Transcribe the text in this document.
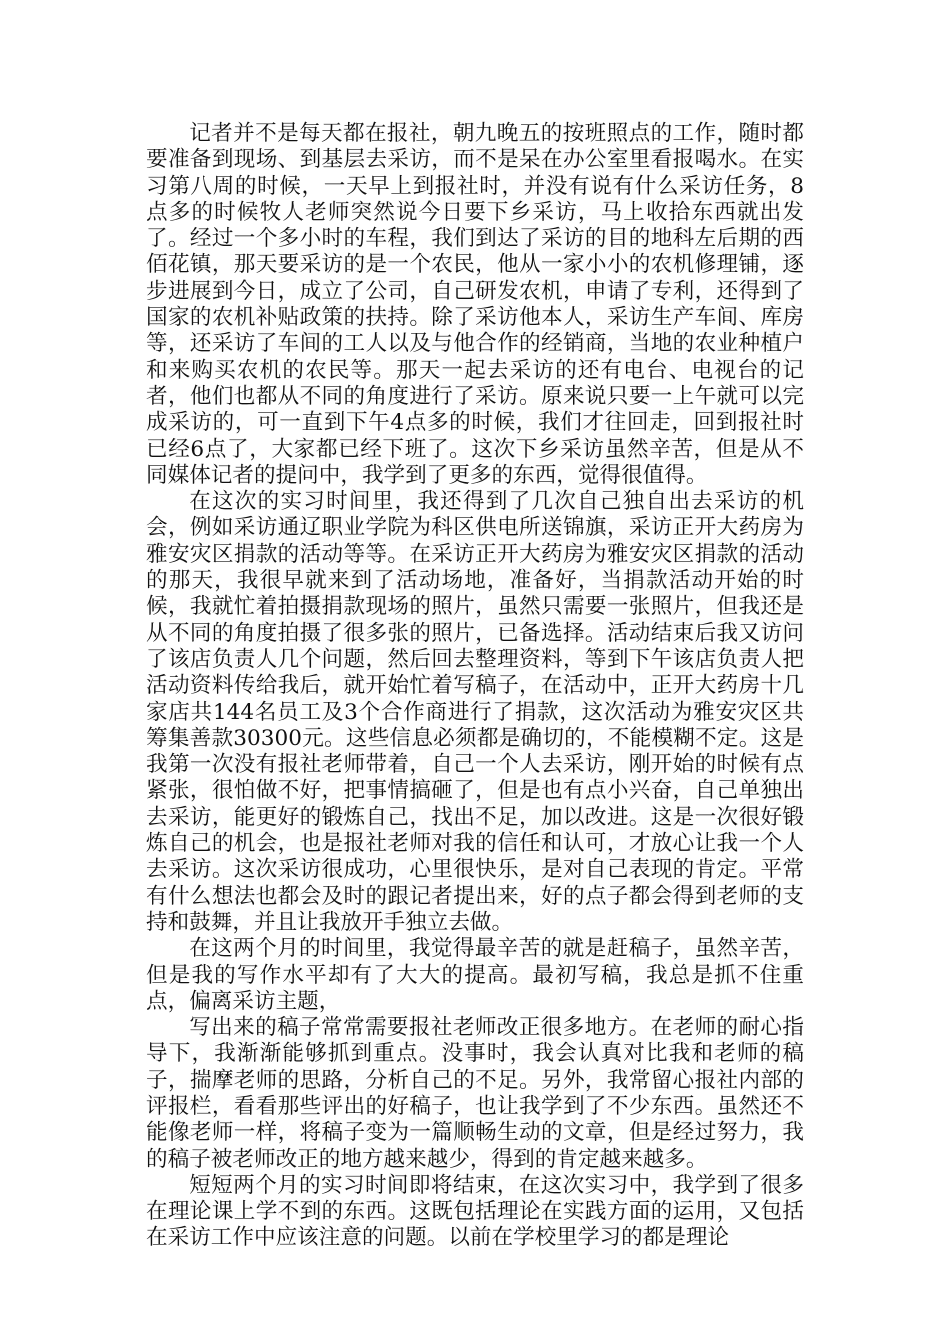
记者并不是每天都在报社，朝九晚五的按班照点的工作，随时都要准备到现场、到基层去采访，而不是呆在办公室里看报喝水。在实习第八周的时候，一天早上到报社时，并没有说有什么采访任务，8点多的时候牧人老师突然说今日要下乡采访，马上收拾东西就出发了。经过一个多小时的车程，我们到达了采访的目的地科左后期的西佰花镇，那天要采访的是一个农民，他从一家小小的农机修理铺，逐步进展到今日，成立了公司，自己研发农机，申请了专利，还得到了国家的农机补贴政策的扶持。除了采访他本人，采访生产车间、库房等，还采访了车间的工人以及与他合作的经销商，当地的农业种植户和来购买农机的农民等。那天一起去采访的还有电台、电视台的记者，他们也都从不同的角度进行了采访。原来说只要一上午就可以完成采访的，可一直到下午4点多的时候，我们才往回走，回到报社时已经6点了，大家都已经下班了。这次下乡采访虽然辛苦，但是从不同媒体记者的提问中，我学到了更多的东西，觉得很值得。

在这次的实习时间里，我还得到了几次自己独自出去采访的机会，例如采访通辽职业学院为科区供电所送锦旗，采访正开大药房为雅安灾区捐款的活动等等。在采访正开大药房为雅安灾区捐款的活动的那天，我很早就来到了活动场地，准备好，当捐款活动开始的时候，我就忙着拍摄捐款现场的照片，虽然只需要一张照片，但我还是从不同的角度拍摄了很多张的照片，已备选择。活动结束后我又访问了该店负责人几个问题，然后回去整理资料，等到下午该店负责人把活动资料传给我后，就开始忙着写稿子，在活动中，正开大药房十几家店共144名员工及3个合作商进行了捐款，这次活动为雅安灾区共筹集善款30300元。这些信息必须都是确切的，不能模糊不定。这是我第一次没有报社老师带着，自己一个人去采访，刚开始的时候有点紧张，很怕做不好，把事情搞砸了，但是也有点小兴奋，自己单独出去采访，能更好的锻炼自己，找出不足，加以改进。这是一次很好锻炼自己的机会，也是报社老师对我的信任和认可，才放心让我一个人去采访。这次采访很成功，心里很快乐，是对自己表现的肯定。平常有什么想法也都会及时的跟记者提出来，好的点子都会得到老师的支持和鼓舞，并且让我放开手独立去做。

在这两个月的时间里，我觉得最辛苦的就是赶稿子，虽然辛苦，但是我的写作水平却有了大大的提高。最初写稿，我总是抓不住重点，偏离采访主题，

写出来的稿子常常需要报社老师改正很多地方。在老师的耐心指导下，我渐渐能够抓到重点。没事时，我会认真对比我和老师的稿子，揣摩老师的思路，分析自己的不足。另外，我常留心报社内部的评报栏，看看那些评出的好稿子，也让我学到了不少东西。虽然还不能像老师一样，将稿子变为一篇顺畅生动的文章，但是经过努力，我的稿子被老师改正的地方越来越少，得到的肯定越来越多。

短短两个月的实习时间即将结束，在这次实习中，我学到了很多在理论课上学不到的东西。这既包括理论在实践方面的运用，又包括在采访工作中应该注意的问题。以前在学校里学习的都是理论
